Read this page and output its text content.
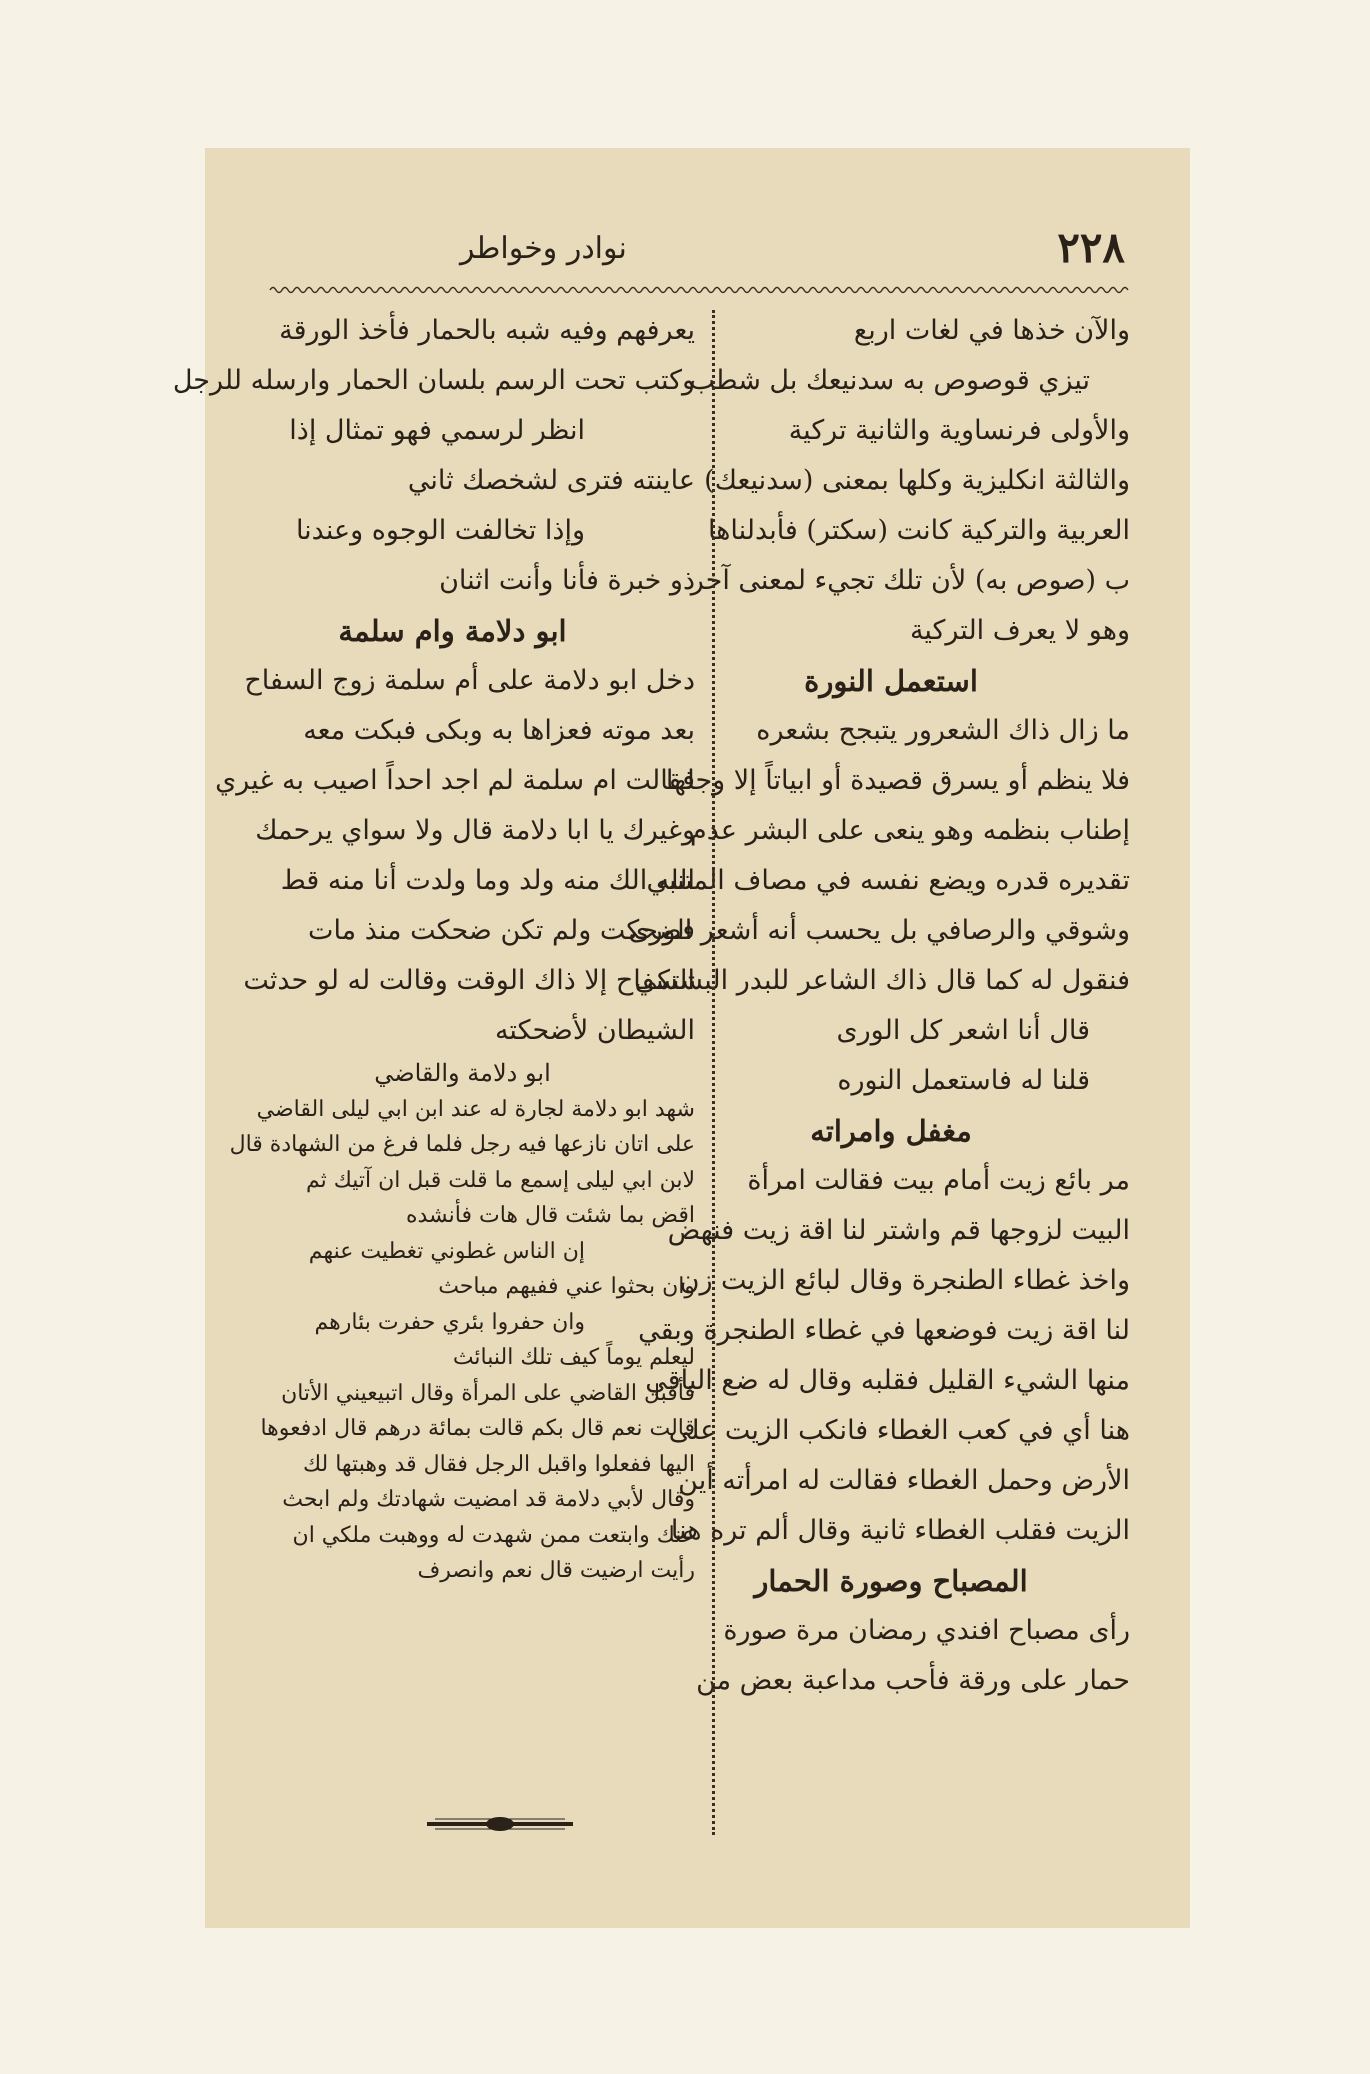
٢٢٨
نوادر وخواطر
والآن خذها في لغات اربع
تيزي قوصوص به سدنيعك بل شطب
والأولى فرنساوية والثانية تركية
والثالثة انكليزية وكلها بمعنى (سدنيعك)
العربية والتركية كانت (سكتر) فأبدلناها
ب (صوص به) لأن تلك تجيء لمعنى آخر
وهو لا يعرف التركية
استعمل النورة
ما زال ذاك الشعرور يتبجح بشعره
فلا ينظم أو يسرق قصيدة أو ابياتاً إلا وجلها
إطناب بنظمه وهو ينعى على البشر عدم
تقديره قدره ويضع نفسه في مصاف المتنبي
وشوقي والرصافي بل يحسب أنه أشعر الورى
فنقول له كما قال ذاك الشاعر للبدر البشتكي
قال أنا اشعر كل الورى
قلنا له فاستعمل النوره
مغفل وامراته
مر بائع زيت أمام بيت فقالت امرأة
البيت لزوجها قم واشتر لنا اقة زيت فنهض
واخذ غطاء الطنجرة وقال لبائع الزيت زن
لنا اقة زيت فوضعها في غطاء الطنجرة وبقي
منها الشيء القليل فقلبه وقال له ضع الباقي
هنا أي في كعب الغطاء فانكب الزيت على
الأرض وحمل الغطاء فقالت له امرأته أين
الزيت فقلب الغطاء ثانية وقال ألم تره هنا
المصباح وصورة الحمار
رأى مصباح افندي رمضان مرة صورة
حمار على ورقة فأحب مداعبة بعض من
يعرفهم وفيه شبه بالحمار فأخذ الورقة
وكتب تحت الرسم بلسان الحمار وارسله للرجل
انظر لرسمي فهو تمثال إذا
عاينته فترى لشخصك ثاني
وإذا تخالفت الوجوه وعندنا
ذو خبرة فأنا وأنت اثنان
ابو دلامة وام سلمة
دخل ابو دلامة على أم سلمة زوج السفاح
بعد موته فعزاها به وبكى فبكت معه
فقالت ام سلمة لم اجد احداً اصيب به غيري
وغيرك يا ابا دلامة قال ولا سواي يرحمك
الله الك منه ولد وما ولدت أنا منه قط
فضحكت ولم تكن ضحكت منذ مات
السفاح إلا ذاك الوقت وقالت له لو حدثت
الشيطان لأضحكته
ابو دلامة والقاضي
شهد ابو دلامة لجارة له عند ابن ابي ليلى القاضي
على اتان نازعها فيه رجل فلما فرغ من الشهادة قال
لابن ابي ليلى إسمع ما قلت قبل ان آتيك ثم
اقض بما شئت قال هات فأنشده
إن الناس غطوني تغطيت عنهم
وان بحثوا عني ففيهم مباحث
وان حفروا بئري حفرت بئارهم
ليعلم يوماً كيف تلك النبائث
فأقبل القاضي على المرأة وقال اتبيعيني الأتان
قالت نعم قال بكم قالت بمائة درهم قال ادفعوها
اليها ففعلوا واقبل الرجل فقال قد وهبتها لك
وقال لأبي دلامة قد امضيت شهادتك ولم ابحث
عنك وابتعت ممن شهدت له ووهبت ملكي ان
رأيت ارضيت قال نعم وانصرف
